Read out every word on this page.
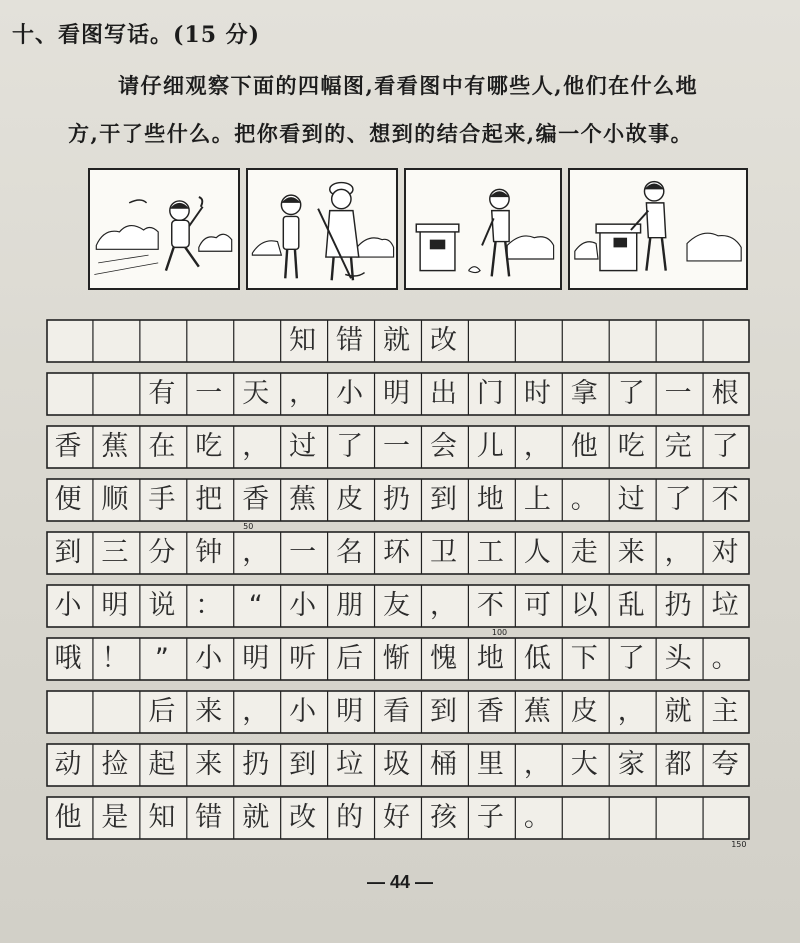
十、看图写话。(15 分)
请仔细观察下面的四幅图,看看图中有哪些人,他们在什么地
方,干了些什么。把你看到的、想到的结合起来,编一个小故事。
知 错 就 改
有 一 天 ， 小 明 出 门 时 拿 了 一 根
香 蕉 在 吃 ， 过 了 一 会 儿 ， 他 吃 完 了
便 顺 手 把 香 蕉 皮 扔 到 地 上 。 过 了 不
到 三 分 钟 ， 一 名 环 卫 工 人 走 来 ， 对
小 明 说 ： “ 小 朋 友 ， 不 可 以 乱 扔 垃
哦 ！ ” 小 明 听 后 惭 愧 地 低 下 了 头 。
后 来 ， 小 明 看 到 香 蕉 皮 ， 就 主
动 捡 起 来 扔 到 垃 圾 桶 里 ， 大 家 都 夸
他 是 知 错 就 改 的 好 孩 子 。
50
100
150
— 44 —
